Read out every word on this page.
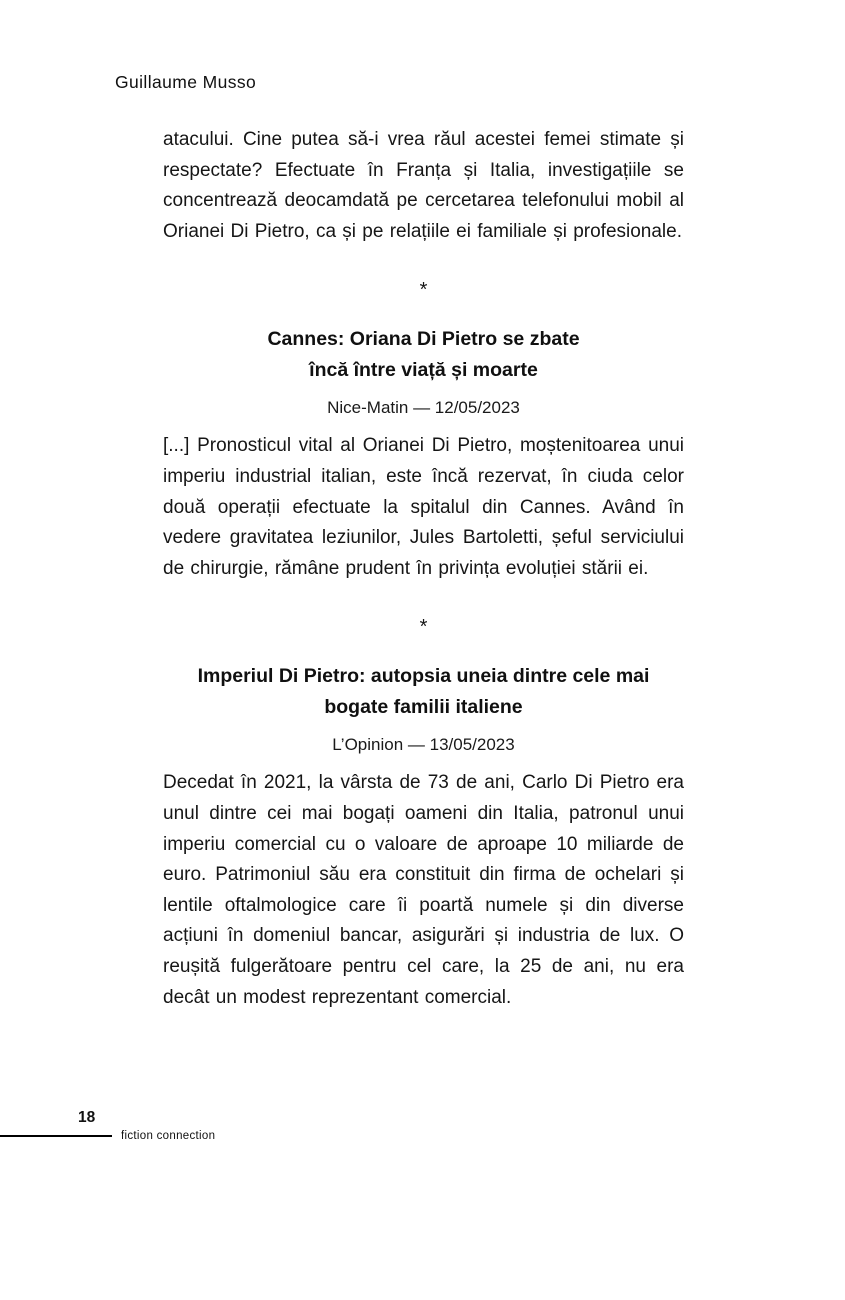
Guillaume Musso

atacului. Cine putea să-i vrea răul acestei femei stimate și respectate? Efectuate în Franța și Italia, investigațiile se concentrează deocamdată pe cercetarea telefonului mobil al Orianei Di Pietro, ca și pe relațiile ei familiale și profesionale.

*
Cannes: Oriana Di Pietro se zbate
încă între viață și moarte
Nice-Matin — 12/05/2023

[...] Pronosticul vital al Orianei Di Pietro, moștenitoarea unui imperiu industrial italian, este încă rezervat, în ciuda celor două operații efectuate la spitalul din Cannes. Având în vedere gravitatea leziunilor, Jules Bartoletti, șeful serviciului de chirurgie, rămâne prudent în privința evoluției stării ei.

*
Imperiul Di Pietro: autopsia uneia dintre cele mai
bogate familii italiene
L’Opinion — 13/05/2023

Decedat în 2021, la vârsta de 73 de ani, Carlo Di Pietro era unul dintre cei mai bogați oameni din Italia, patronul unui imperiu comercial cu o valoare de aproape 10 miliarde de euro. Patrimoniul său era constituit din firma de ochelari și lentile oftalmologice care îi poartă numele și din diverse acțiuni în domeniul bancar, asigurări și industria de lux. O reușită fulgerătoare pentru cel care, la 25 de ani, nu era decât un modest reprezentant comercial.

18
fiction connection
